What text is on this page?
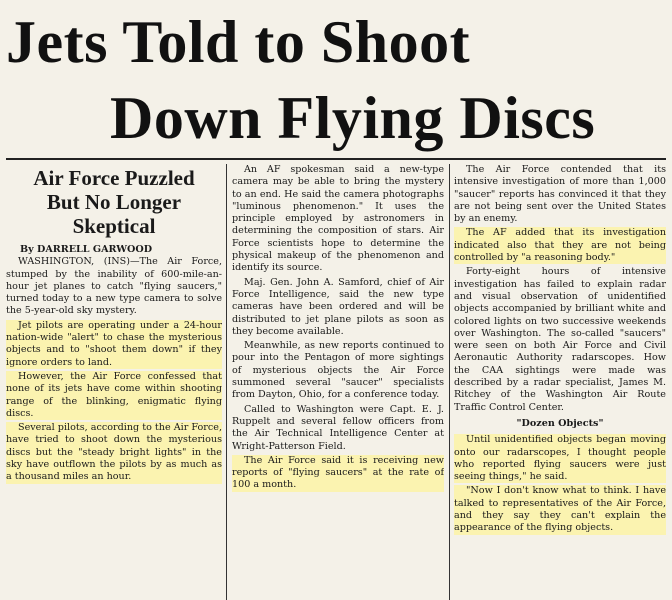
Jets Told to Shoot
Down Flying Discs
Air Force Puzzled
But No Longer
Skeptical
By DARRELL GARWOOD

WASHINGTON, (INS)—The Air Force, stumped by the inability of 600-mile-an-hour jet planes to catch "flying saucers," turned today to a new type camera to solve the 5-year-old sky mystery.

Jet pilots are operating under a 24-hour nation-wide "alert" to chase the mysterious objects and to "shoot them down" if they ignore orders to land.

However, the Air Force confessed that none of its jets have come within shooting range of the blinking, enigmatic flying discs.

Several pilots, according to the Air Force, have tried to shoot down the mysterious discs but the "steady bright lights" in the sky have outflown the pilots by as much as a thousand miles an hour.

An AF spokesman said a new-type camera may be able to bring the mystery to an end. He said the camera photographs "luminous phenomenon." It uses the principle employed by astronomers in determining the composition of stars. Air Force scientists hope to determine the physical makeup of the phenomenon and identify its source.

Maj. Gen. John A. Samford, chief of Air Force Intelligence, said the new type cameras have been ordered and will be distributed to jet plane pilots as soon as they become available.

Meanwhile, as new reports continued to pour into the Pentagon of more sightings of mysterious objects the Air Force summoned several "saucer" specialists from Dayton, Ohio, for a conference today.

Called to Washington were Capt. E. J. Ruppelt and several fellow officers from the Air Technical Intelligence Center at Wright-Patterson Field.

The Air Force said it is receiving new reports of "flying saucers" at the rate of 100 a month.

The Air Force contended that its intensive investigation of more than 1,000 "saucer" reports has convinced it that they are not being sent over the United States by an enemy.

The AF added that its investigation indicated also that they are not being controlled by "a reasoning body."

Forty-eight hours of intensive investigation has failed to explain radar and visual observation of unidentified objects accompanied by brilliant white and colored lights on two successive weekends over Washington. The so-called "saucers" were seen on both Air Force and Civil Aeronautic Authority radarscopes. How the CAA sightings were made was described by a radar specialist, James M. Ritchey of the Washington Air Route Traffic Control Center.

"Dozen Objects"

Until unidentified objects began moving onto our radarscopes, I thought people who reported flying saucers were just seeing things," he said.

"Now I don't know what to think. I have talked to representatives of the Air Force, and they say they can't explain the appearance of the flying objects.
